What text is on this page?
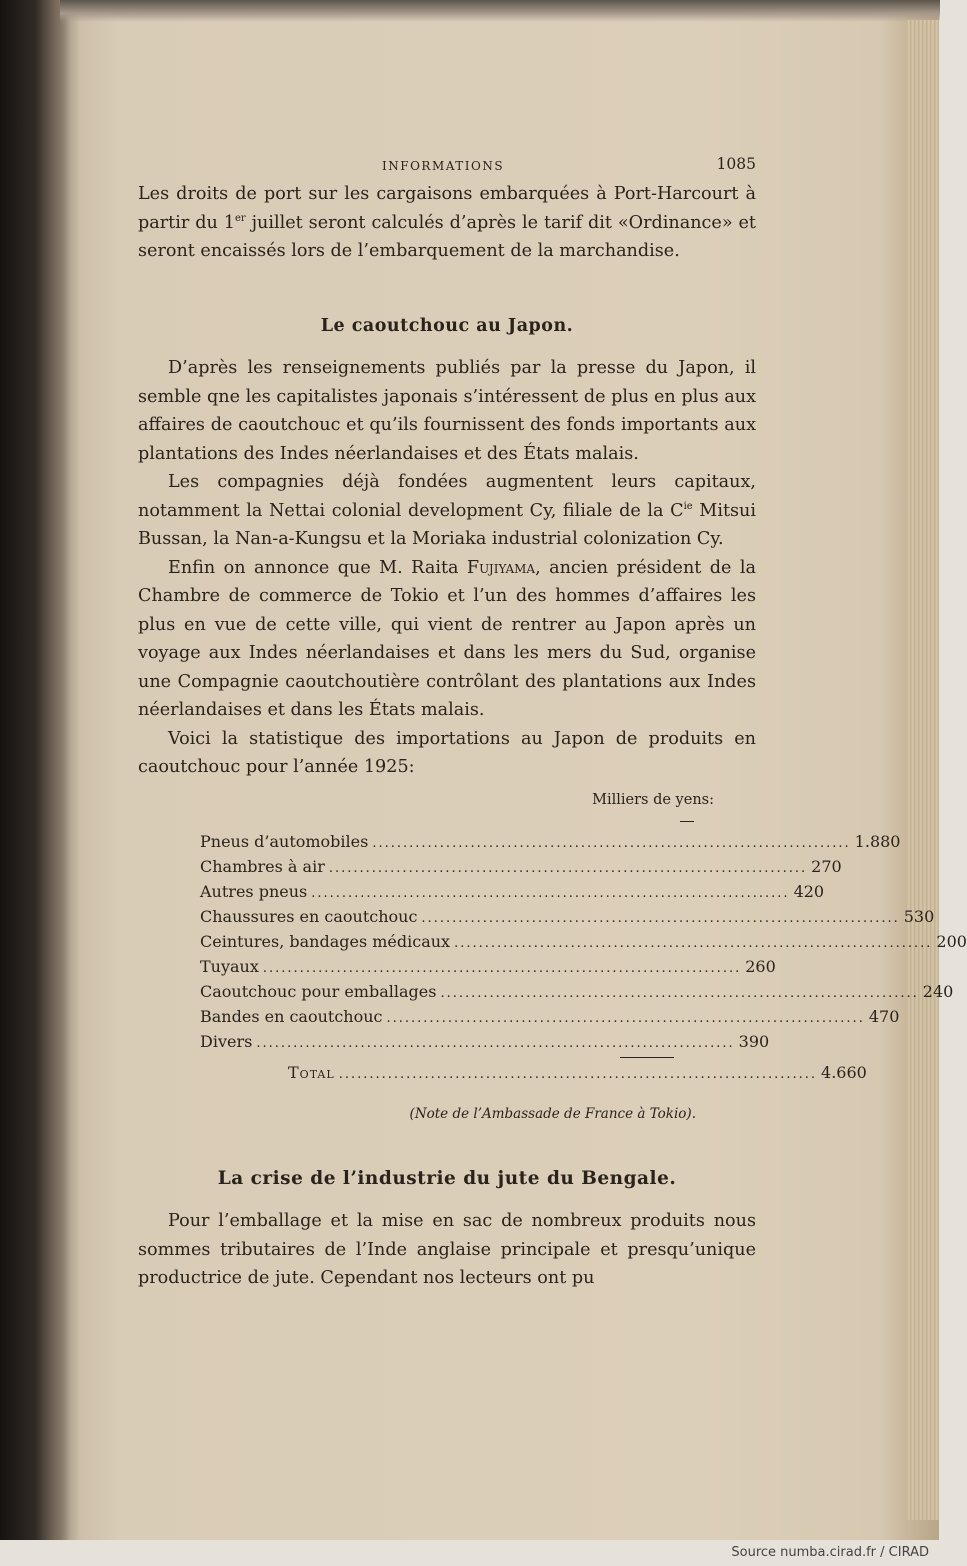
INFORMATIONS	1085

Les droits de port sur les cargaisons embarquées à Port-Harcourt à partir du 1er juillet seront calculés d’après le tarif dit «Ordinance» et seront encaissés lors de l’embarquement de la marchandise.

Le caoutchouc au Japon.

D’après les renseignements publiés par la presse du Japon, il semble qne les capitalistes japonais s’intéressent de plus en plus aux affaires de caoutchouc et qu’ils fournissent des fonds importants aux plantations des Indes néerlandaises et des États malais.

Les compagnies déjà fondées augmentent leurs capitaux, notamment la Nettai colonial development Cy, filiale de la $C^{ie}$ Mitsui Bussan, la Nan-a-Kungsu et la Moriaka industrial colonization Cy.

Enfin on annonce que M. Raita Fujiyama, ancien président de la Chambre de commerce de Tokio et l’un des hommes d’affaires les plus en vue de cette ville, qui vient de rentrer au Japon après un voyage aux Indes néerlandaises et dans les mers du Sud, organise une Compagnie caoutchoutière contrôlant des plantations aux Indes néerlandaises et dans les États malais.

Voici la statistique des importations au Japon de produits en caoutchouc pour l’année 1925:

Milliers de yens:
Pneus d’automobiles .............................................................................. 1.880
Chambres à air .............................................................................. 270
Autres pneus .............................................................................. 420
Chaussures en caoutchouc .............................................................................. 530
Ceintures, bandages médicaux .............................................................................. 200
Tuyaux .............................................................................. 260
Caoutchouc pour emballages .............................................................................. 240
Bandes en caoutchouc .............................................................................. 470
Divers .............................................................................. 390
Total .............................................................................. 4.660
(Note de l’Ambassade de France à Tokio).
La crise de l’industrie du jute du Bengale.

Pour l’emballage et la mise en sac de nombreux produits nous sommes tributaires de l’Inde anglaise principale et presqu’unique productrice de jute. Cependant nos lecteurs ont pu

Source numba.cirad.fr / CIRAD
